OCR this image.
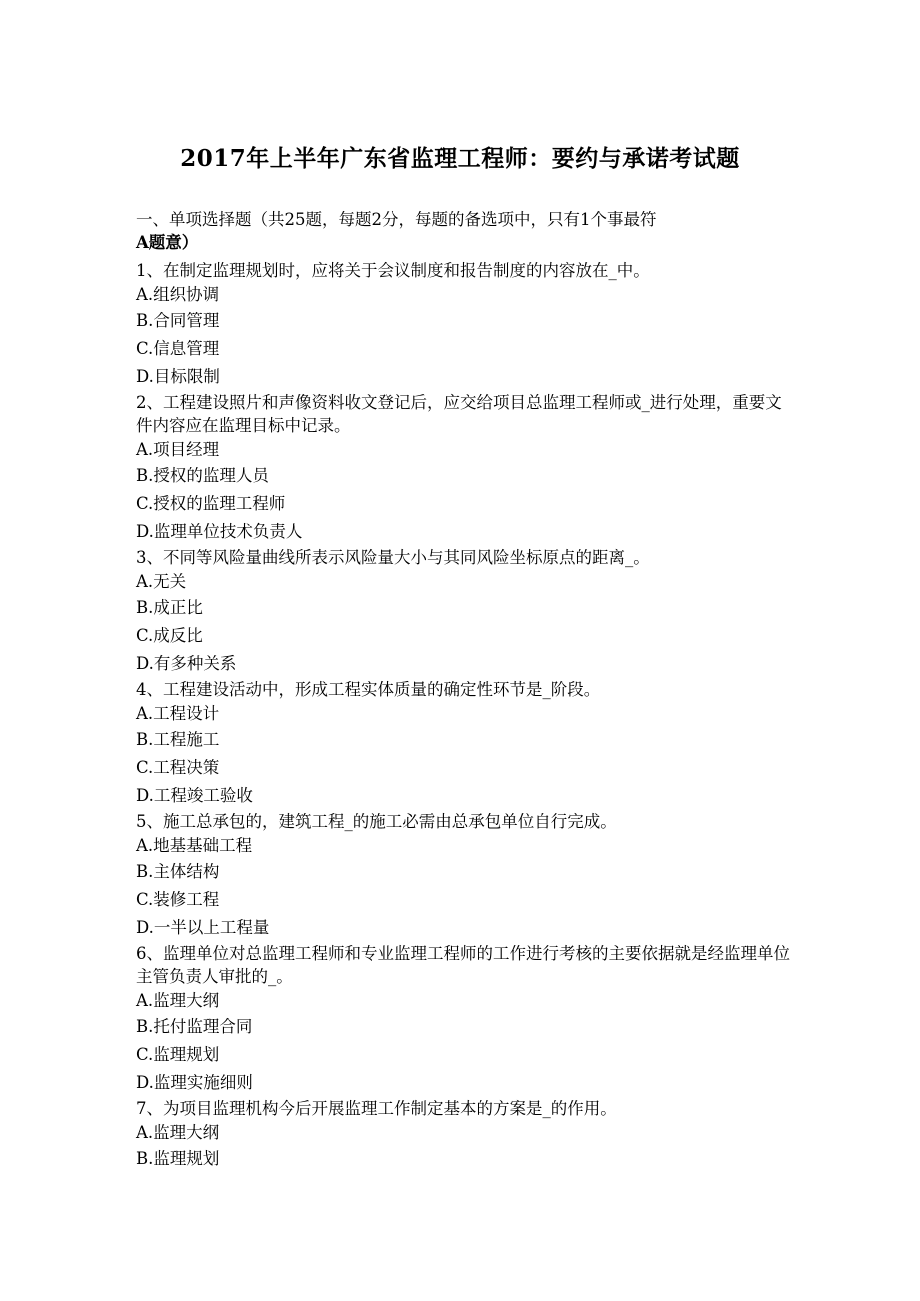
2017年上半年广东省监理工程师：要约与承诺考试题
一、单项选择题（共25题，每题2分，每题的备选项中，只有1个事最符
A题意）
1、在制定监理规划时，应将关于会议制度和报告制度的内容放在_中。
A.组织协调
B.合同管理
C.信息管理
D.目标限制
2、工程建设照片和声像资料收文登记后，应交给项目总监理工程师或_进行处理，重要文件内容应在监理目标中记录。
A.项目经理
B.授权的监理人员
C.授权的监理工程师
D.监理单位技术负责人
3、不同等风险量曲线所表示风险量大小与其同风险坐标原点的距离_。
A.无关
B.成正比
C.成反比
D.有多种关系
4、工程建设活动中，形成工程实体质量的确定性环节是_阶段。
A.工程设计
B.工程施工
C.工程决策
D.工程竣工验收
5、施工总承包的，建筑工程_的施工必需由总承包单位自行完成。
A.地基基础工程
B.主体结构
C.装修工程
D.一半以上工程量
6、监理单位对总监理工程师和专业监理工程师的工作进行考核的主要依据就是经监理单位主管负责人审批的_。
A.监理大纲
B.托付监理合同
C.监理规划
D.监理实施细则
7、为项目监理机构今后开展监理工作制定基本的方案是_的作用。
A.监理大纲
B.监理规划
